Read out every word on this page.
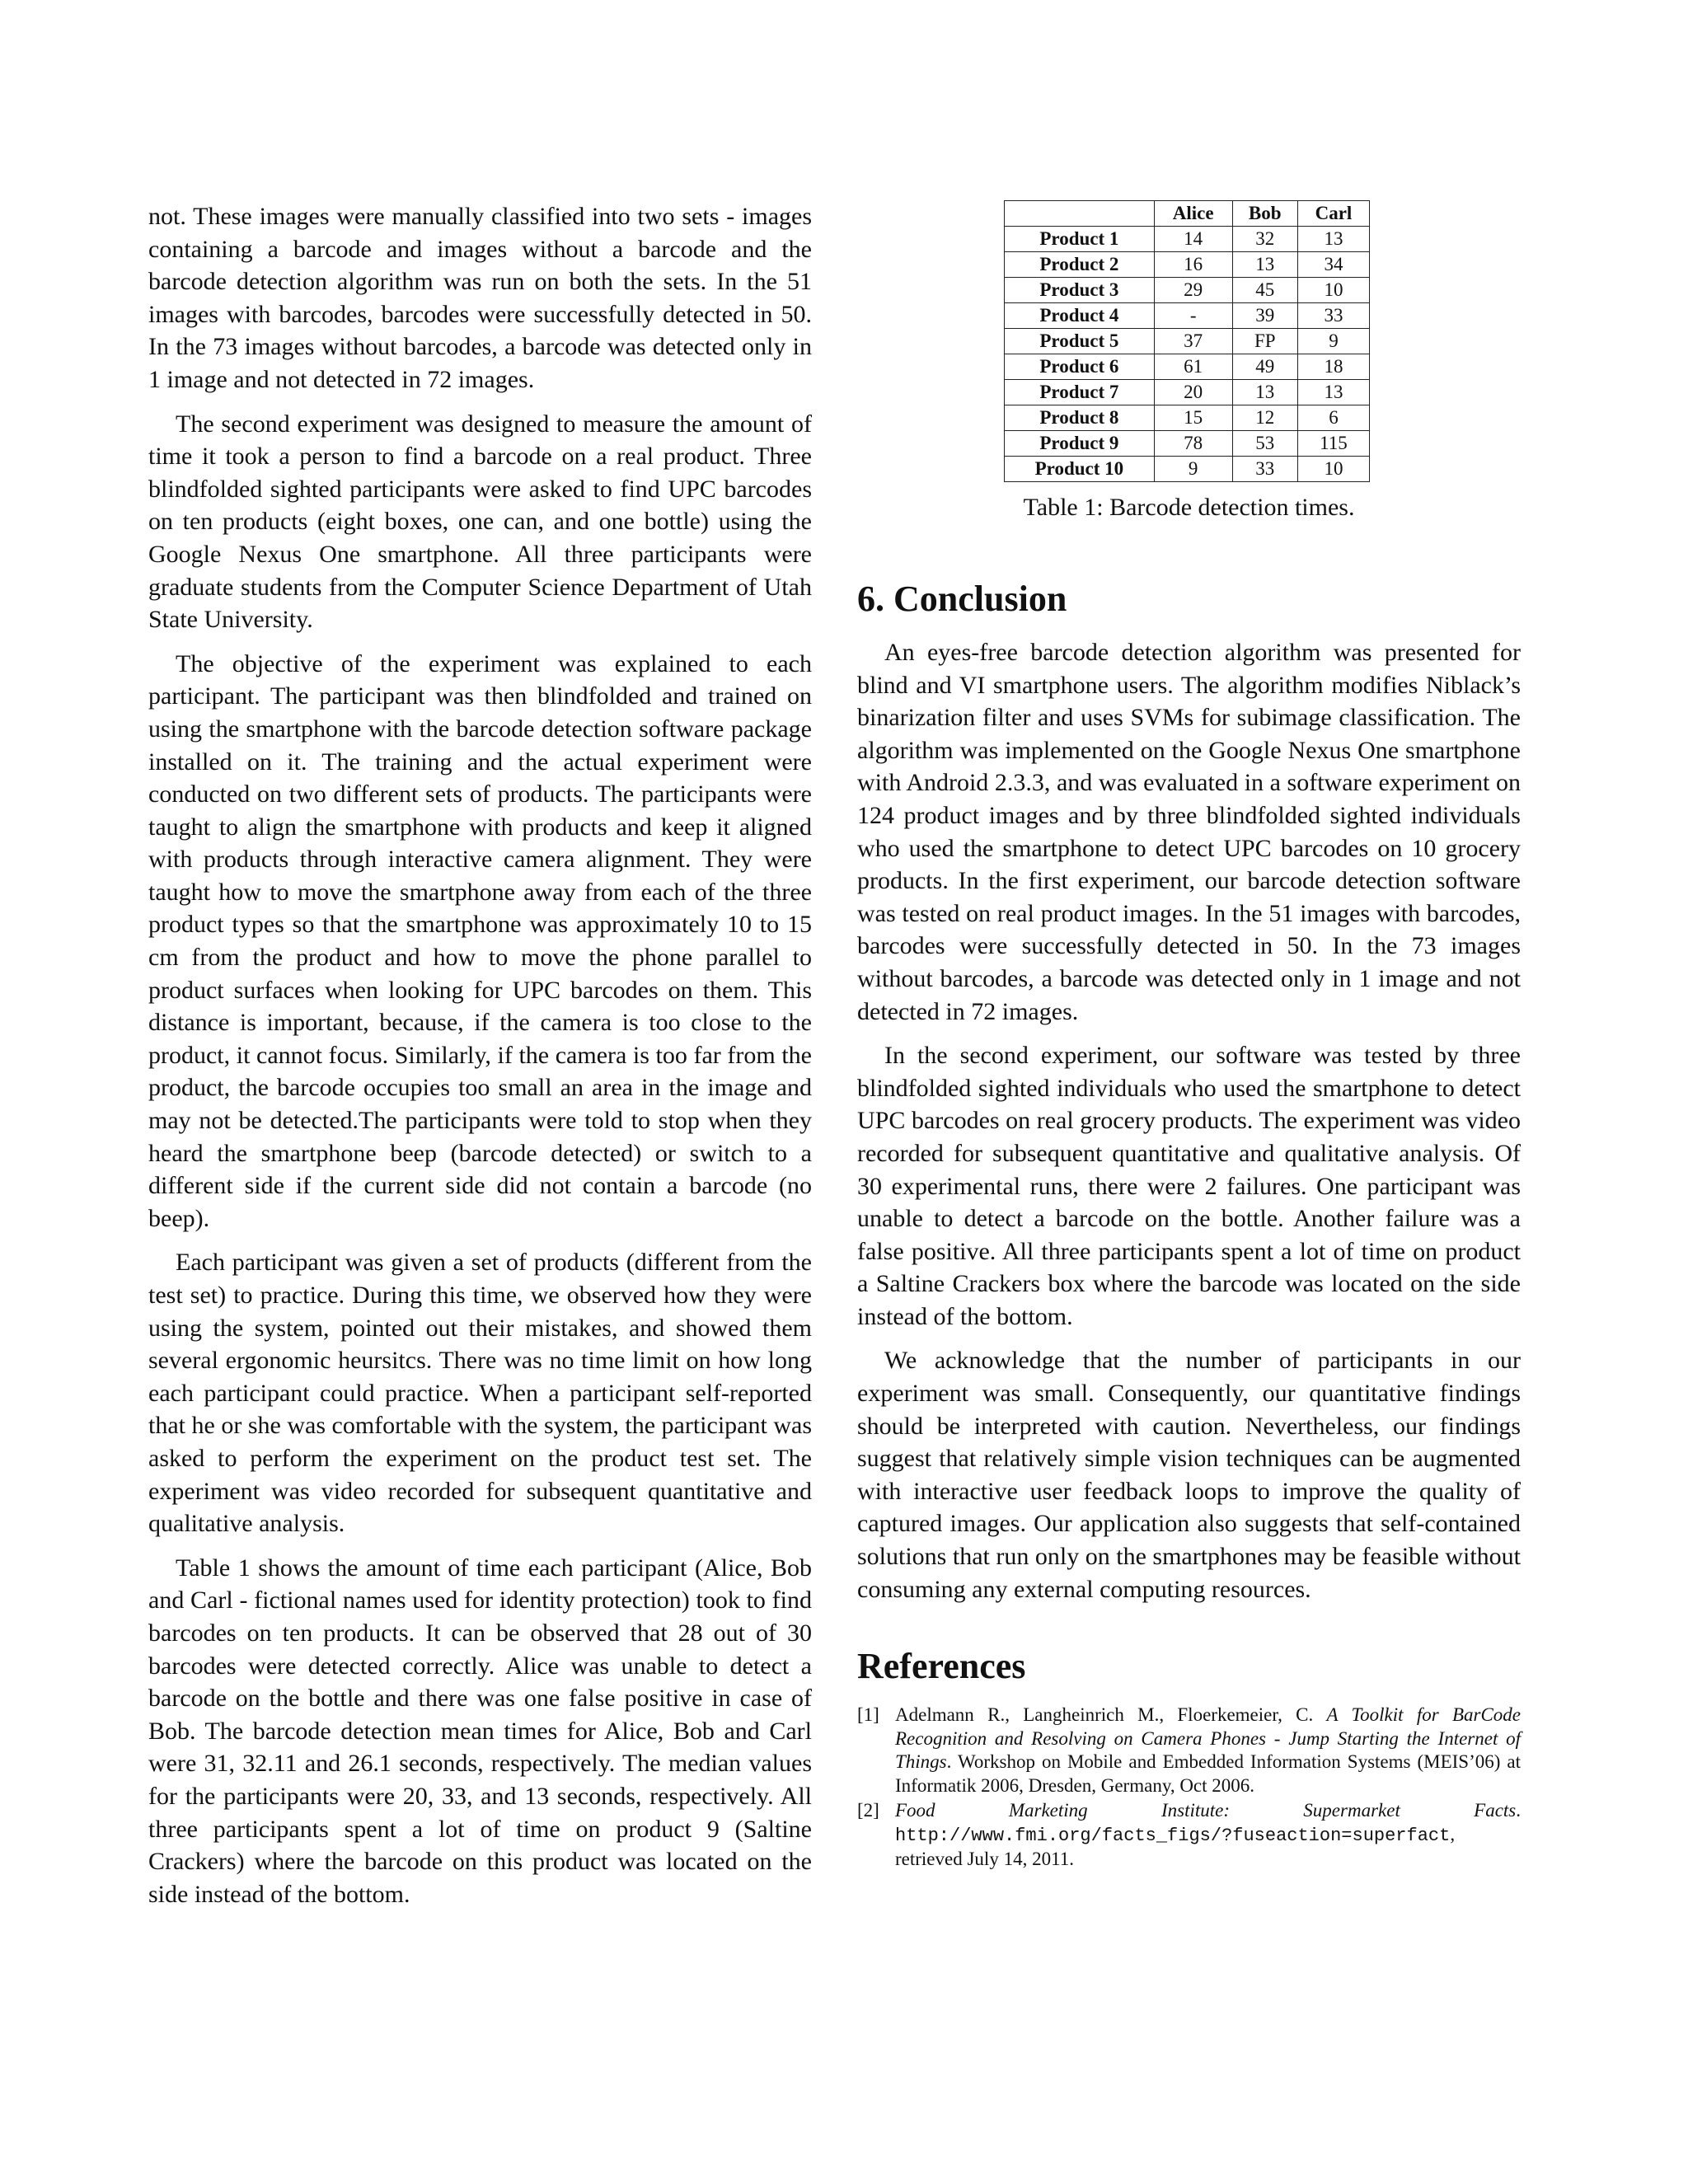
not. These images were manually classified into two sets - images containing a barcode and images without a barcode and the barcode detection algorithm was run on both the sets. In the 51 images with barcodes, barcodes were successfully detected in 50. In the 73 images without barcodes, a barcode was detected only in 1 image and not detected in 72 images.

The second experiment was designed to measure the amount of time it took a person to find a barcode on a real product. Three blindfolded sighted participants were asked to find UPC barcodes on ten products (eight boxes, one can, and one bottle) using the Google Nexus One smartphone. All three participants were graduate students from the Computer Science Department of Utah State University.

The objective of the experiment was explained to each participant. The participant was then blindfolded and trained on using the smartphone with the barcode detection software package installed on it. The training and the actual experiment were conducted on two different sets of products. The participants were taught to align the smartphone with products and keep it aligned with products through interactive camera alignment. They were taught how to move the smartphone away from each of the three product types so that the smartphone was approximately 10 to 15 cm from the product and how to move the phone parallel to product surfaces when looking for UPC barcodes on them. This distance is important, because, if the camera is too close to the product, it cannot focus. Similarly, if the camera is too far from the product, the barcode occupies too small an area in the image and may not be detected.The participants were told to stop when they heard the smartphone beep (barcode detected) or switch to a different side if the current side did not contain a barcode (no beep).

Each participant was given a set of products (different from the test set) to practice. During this time, we observed how they were using the system, pointed out their mistakes, and showed them several ergonomic heursitcs. There was no time limit on how long each participant could practice. When a participant self-reported that he or she was comfortable with the system, the participant was asked to perform the experiment on the product test set. The experiment was video recorded for subsequent quantitative and qualitative analysis.

Table 1 shows the amount of time each participant (Alice, Bob and Carl - fictional names used for identity protection) took to find barcodes on ten products. It can be observed that 28 out of 30 barcodes were detected correctly. Alice was unable to detect a barcode on the bottle and there was one false positive in case of Bob. The barcode detection mean times for Alice, Bob and Carl were 31, 32.11 and 26.1 seconds, respectively. The median values for the participants were 20, 33, and 13 seconds, respectively. All three participants spent a lot of time on product 9 (Saltine Crackers) where the barcode on this product was located on the side instead of the bottom.

	Alice	Bob	Carl
Product 1	14	32	13
Product 2	16	13	34
Product 3	29	45	10
Product 4	-	39	33
Product 5	37	FP	9
Product 6	61	49	18
Product 7	20	13	13
Product 8	15	12	6
Product 9	78	53	115
Product 10	9	33	10
Table 1: Barcode detection times.
6. Conclusion

An eyes-free barcode detection algorithm was presented for blind and VI smartphone users. The algorithm modifies Niblack’s binarization filter and uses SVMs for subimage classification. The algorithm was implemented on the Google Nexus One smartphone with Android 2.3.3, and was evaluated in a software experiment on 124 product images and by three blindfolded sighted individuals who used the smartphone to detect UPC barcodes on 10 grocery products. In the first experiment, our barcode detection software was tested on real product images. In the 51 images with barcodes, barcodes were successfully detected in 50. In the 73 images without barcodes, a barcode was detected only in 1 image and not detected in 72 images.

In the second experiment, our software was tested by three blindfolded sighted individuals who used the smartphone to detect UPC barcodes on real grocery products. The experiment was video recorded for subsequent quantitative and qualitative analysis. Of 30 experimental runs, there were 2 failures. One participant was unable to detect a barcode on the bottle. Another failure was a false positive. All three participants spent a lot of time on product a Saltine Crackers box where the barcode was located on the side instead of the bottom.

We acknowledge that the number of participants in our experiment was small. Consequently, our quantitative findings should be interpreted with caution. Nevertheless, our findings suggest that relatively simple vision techniques can be augmented with interactive user feedback loops to improve the quality of captured images. Our application also suggests that self-contained solutions that run only on the smartphones may be feasible without consuming any external computing resources.

References
[1] Adelmann R., Langheinrich M., Floerkemeier, C. A Toolkit for BarCode Recognition and Resolving on Camera Phones - Jump Starting the Internet of Things. Workshop on Mobile and Embedded Information Systems (MEIS’06) at Informatik 2006, Dresden, Germany, Oct 2006.
[2] Food Marketing Institute: Supermarket Facts.
http://www.fmi.org/facts_figs/?fuseaction=superfact, retrieved July 14, 2011.
